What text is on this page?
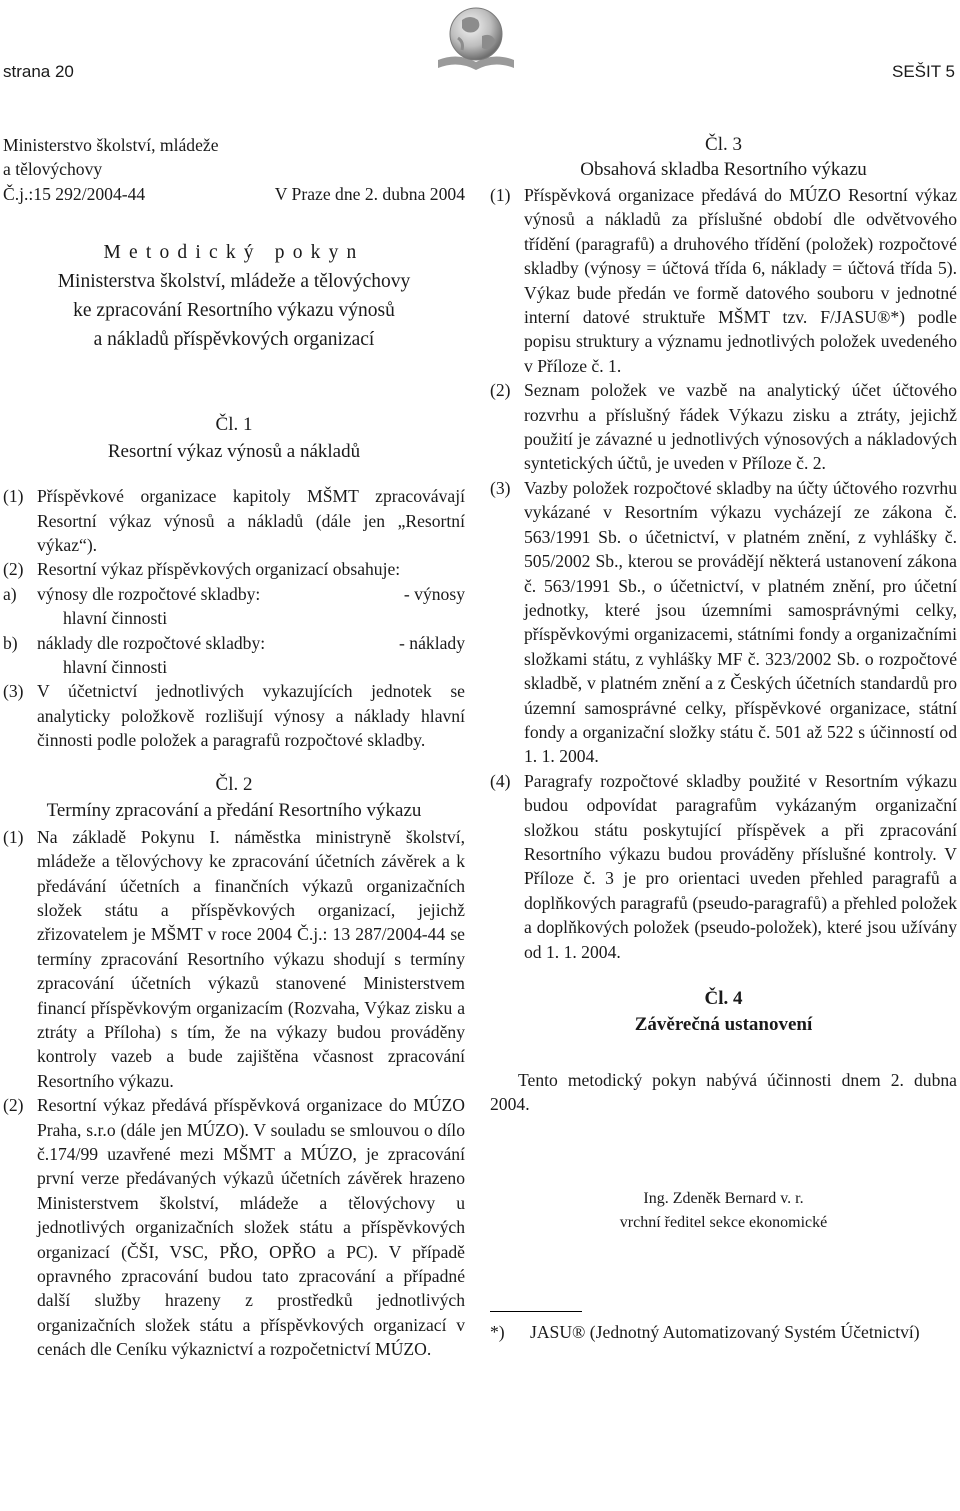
strana 20	SEŠIT 5

Ministerstvo školství, mládeže

a tělovýchovy

Č.j.:15 292/2004-44	V Praze dne 2. dubna 2004
Metodický pokyn
Ministerstva školství, mládeže a tělovýchovy
ke zpracování Resortního výkazu výnosů
a nákladů příspěvkových organizací
Čl. 1
Resortní výkaz výnosů a nákladů
(1) Příspěvkové organizace kapitoly MŠMT zpracovávají Resortní výkaz výnosů a nákladů (dále jen „Resortní výkaz“).
(2) Resortní výkaz příspěvkových organizací obsahuje:
a)	výnosy dle rozpočtové skladby:	- výnosy
hlavní činnosti
b)	náklady dle rozpočtové skladby:	- náklady
hlavní činnosti
(3) V účetnictví jednotlivých vykazujících jednotek se analyticky položkově rozlišují výnosy a náklady hlavní činnosti podle položek a paragrafů rozpočtové skladby.
Čl. 2
Termíny zpracování a předání Resortního výkazu
(1) Na základě Pokynu I. náměstka ministryně školství, mládeže a tělovýchovy ke zpracování účetních závěrek a k předávání účetních a finančních výkazů organizačních složek státu a příspěvkových organizací, jejichž zřizovatelem je MŠMT v roce 2004 Č.j.: 13 287/2004-44 se termíny zpracování Resortního výkazu shodují s termíny zpracování účetních výkazů stanovené Ministerstvem financí příspěvkovým organizacím (Rozvaha, Výkaz zisku a ztráty a Příloha) s tím, že na výkazy budou prováděny kontroly vazeb a bude zajištěna včasnost zpracování Resortního výkazu.
(2) Resortní výkaz předává příspěvková organizace do MÚZO Praha, s.r.o (dále jen MÚZO). V souladu se smlouvou o dílo č.174/99 uzavřené mezi MŠMT a MÚZO, je zpracování první verze předávaných výkazů účetních závěrek hrazeno Ministerstvem školství, mládeže a tělovýchovy u jednotlivých organizačních složek státu a příspěvkových organizací (ČŠI, VSC, PŘO, OPŘO a PC). V případě opravného zpracování budou tato zpracování a případné další služby hrazeny z prostředků jednotlivých organizačních složek státu a příspěvkových organizací v cenách dle Ceníku výkaznictví a rozpočetnictví MÚZO.
Čl. 3
Obsahová skladba Resortního výkazu
(1) Příspěvková organizace předává do MÚZO Resortní výkaz výnosů a nákladů za příslušné období dle odvětvového třídění (paragrafů) a druhového třídění (položek) rozpočtové skladby (výnosy = účtová třída 6, náklady = účtová třída 5). Výkaz bude předán ve formě datového souboru v jednotné interní datové struktuře MŠMT tzv. F/JASU®*) podle popisu struktury a významu jednotlivých položek uvedeného v Příloze č. 1.
(2) Seznam položek ve vazbě na analytický účet účtového rozvrhu a příslušný řádek Výkazu zisku a ztráty, jejichž použití je závazné u jednotlivých výnosových a nákladových syntetických účtů, je uveden v Příloze č. 2.
(3) Vazby položek rozpočtové skladby na účty účtového rozvrhu vykázané v Resortním výkazu vycházejí ze zákona č. 563/1991 Sb. o účetnictví, v platném znění, z vyhlášky č. 505/2002 Sb., kterou se provádějí některá ustanovení zákona č. 563/1991 Sb., o účetnictví, v platném znění, pro účetní jednotky, které jsou územními samosprávnými celky, příspěvkovými organizacemi, státními fondy a organizačními složkami státu, z vyhlášky MF č. 323/2002 Sb. o rozpočtové skladbě, v platném znění a z Českých účetních standardů pro územní samosprávné celky, příspěvkové organizace, státní fondy a organizační složky státu č. 501 až 522 s účinností od 1. 1. 2004.
(4) Paragrafy rozpočtové skladby použité v Resortním výkazu budou odpovídat paragrafům vykázaným organizační složkou státu poskytující příspěvek a při zpracování Resortního výkazu budou prováděny příslušné kontroly. V Příloze č. 3 je pro orientaci uveden přehled paragrafů a doplňkových paragrafů (pseudo-paragrafů) a přehled položek a doplňkových položek (pseudo-položek), které jsou užívány od 1. 1. 2004.
Čl. 4
Závěrečná ustanovení
Tento metodický pokyn nabývá účinnosti dnem 2. dubna 2004.
Ing. Zdeněk Bernard v. r.
vrchní ředitel sekce ekonomické
*)	JASU® (Jednotný Automatizovaný Systém Účetnictví)
